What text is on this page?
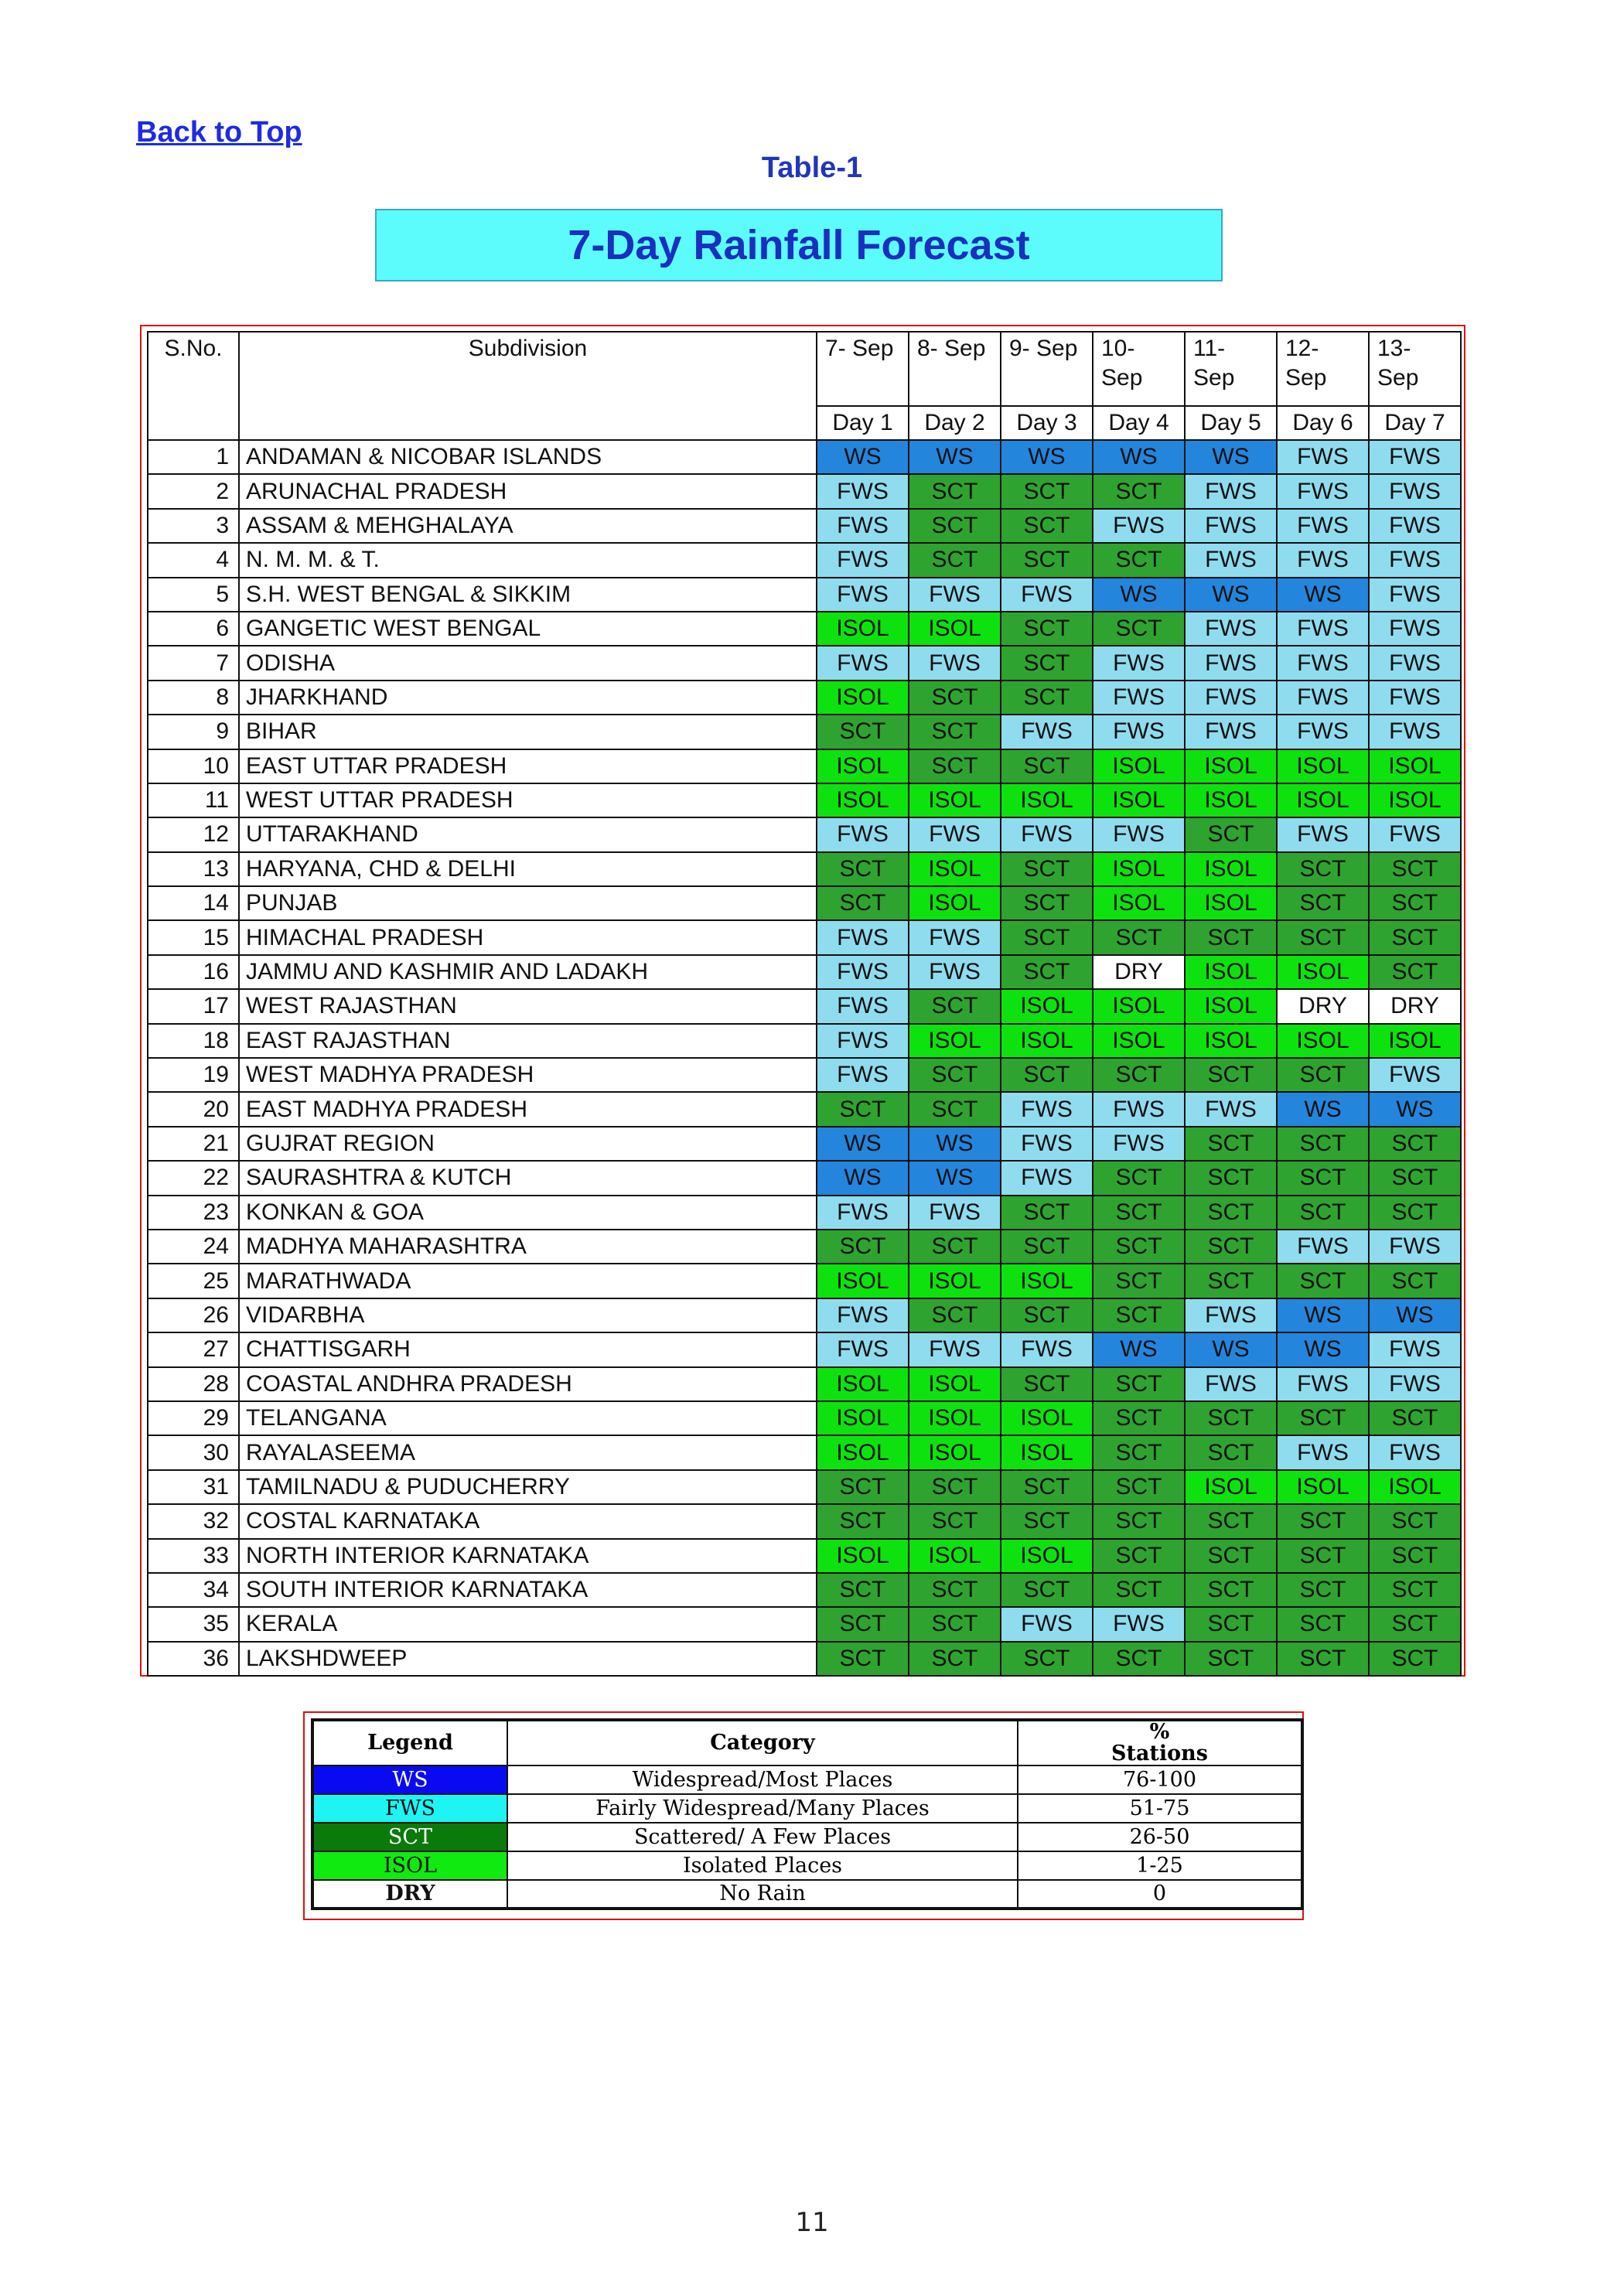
Back to Top
Table-1
7-Day Rainfall Forecast
S.No.	Subdivision	7- Sep	8- Sep	9- Sep	10- Sep	11- Sep	12- Sep	13- Sep
		Day 1	Day 2	Day 3	Day 4	Day 5	Day 6	Day 7
1	ANDAMAN & NICOBAR ISLANDS	WS	WS	WS	WS	WS	FWS	FWS
2	ARUNACHAL PRADESH	FWS	SCT	SCT	SCT	FWS	FWS	FWS
3	ASSAM & MEHGHALAYA	FWS	SCT	SCT	FWS	FWS	FWS	FWS
4	N. M. M. & T.	FWS	SCT	SCT	SCT	FWS	FWS	FWS
5	S.H. WEST BENGAL & SIKKIM	FWS	FWS	FWS	WS	WS	WS	FWS
6	GANGETIC WEST BENGAL	ISOL	ISOL	SCT	SCT	FWS	FWS	FWS
7	ODISHA	FWS	FWS	SCT	FWS	FWS	FWS	FWS
8	JHARKHAND	ISOL	SCT	SCT	FWS	FWS	FWS	FWS
9	BIHAR	SCT	SCT	FWS	FWS	FWS	FWS	FWS
10	EAST UTTAR PRADESH	ISOL	SCT	SCT	ISOL	ISOL	ISOL	ISOL
11	WEST UTTAR PRADESH	ISOL	ISOL	ISOL	ISOL	ISOL	ISOL	ISOL
12	UTTARAKHAND	FWS	FWS	FWS	FWS	SCT	FWS	FWS
13	HARYANA, CHD & DELHI	SCT	ISOL	SCT	ISOL	ISOL	SCT	SCT
14	PUNJAB	SCT	ISOL	SCT	ISOL	ISOL	SCT	SCT
15	HIMACHAL PRADESH	FWS	FWS	SCT	SCT	SCT	SCT	SCT
16	JAMMU AND KASHMIR AND LADAKH	FWS	FWS	SCT	DRY	ISOL	ISOL	SCT
17	WEST RAJASTHAN	FWS	SCT	ISOL	ISOL	ISOL	DRY	DRY
18	EAST RAJASTHAN	FWS	ISOL	ISOL	ISOL	ISOL	ISOL	ISOL
19	WEST MADHYA PRADESH	FWS	SCT	SCT	SCT	SCT	SCT	FWS
20	EAST MADHYA PRADESH	SCT	SCT	FWS	FWS	FWS	WS	WS
21	GUJRAT REGION	WS	WS	FWS	FWS	SCT	SCT	SCT
22	SAURASHTRA & KUTCH	WS	WS	FWS	SCT	SCT	SCT	SCT
23	KONKAN & GOA	FWS	FWS	SCT	SCT	SCT	SCT	SCT
24	MADHYA MAHARASHTRA	SCT	SCT	SCT	SCT	SCT	FWS	FWS
25	MARATHWADA	ISOL	ISOL	ISOL	SCT	SCT	SCT	SCT
26	VIDARBHA	FWS	SCT	SCT	SCT	FWS	WS	WS
27	CHATTISGARH	FWS	FWS	FWS	WS	WS	WS	FWS
28	COASTAL ANDHRA PRADESH	ISOL	ISOL	SCT	SCT	FWS	FWS	FWS
29	TELANGANA	ISOL	ISOL	ISOL	SCT	SCT	SCT	SCT
30	RAYALASEEMA	ISOL	ISOL	ISOL	SCT	SCT	FWS	FWS
31	TAMILNADU & PUDUCHERRY	SCT	SCT	SCT	SCT	ISOL	ISOL	ISOL
32	COSTAL KARNATAKA	SCT	SCT	SCT	SCT	SCT	SCT	SCT
33	NORTH INTERIOR KARNATAKA	ISOL	ISOL	ISOL	SCT	SCT	SCT	SCT
34	SOUTH INTERIOR KARNATAKA	SCT	SCT	SCT	SCT	SCT	SCT	SCT
35	KERALA	SCT	SCT	FWS	FWS	SCT	SCT	SCT
36	LAKSHDWEEP	SCT	SCT	SCT	SCT	SCT	SCT	SCT
Legend	Category	% Stations
WS	Widespread/Most Places	76-100
FWS	Fairly Widespread/Many Places	51-75
SCT	Scattered/ A Few Places	26-50
ISOL	Isolated Places	1-25
DRY	No Rain	0
11
